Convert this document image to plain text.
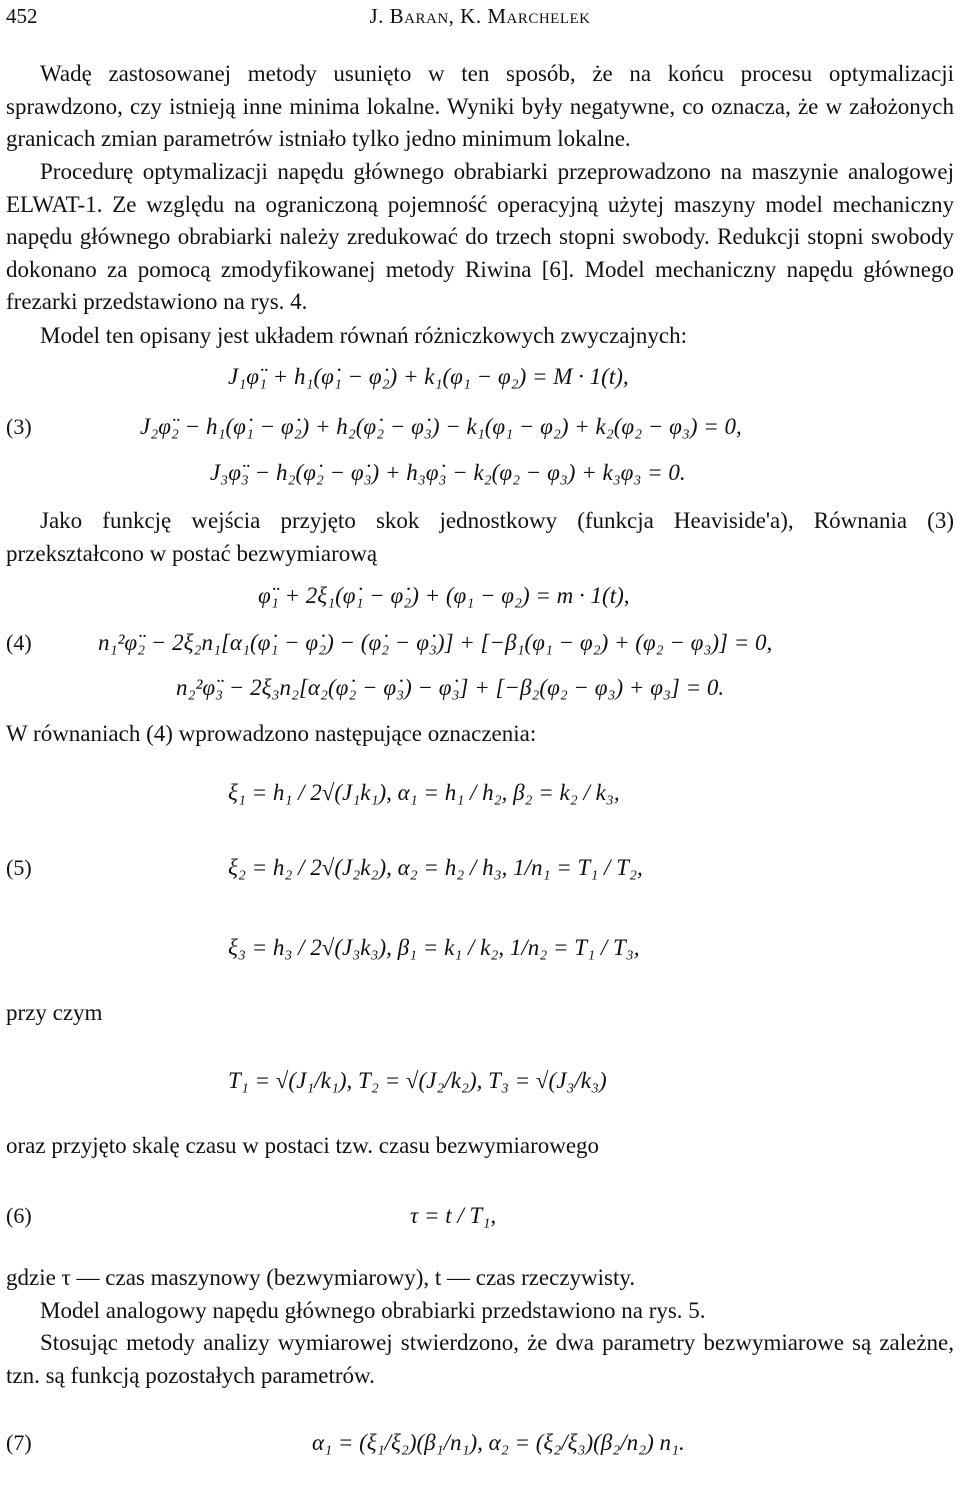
452	J. Baran, K. Marchelek

Wadę zastosowanej metody usunięto w ten sposób, że na końcu procesu optymalizacji sprawdzono, czy istnieją inne minima lokalne. Wyniki były negatywne, co oznacza, że w założonych granicach zmian parametrów istniało tylko jedno minimum lokalne.

Procedurę optymalizacji napędu głównego obrabiarki przeprowadzono na maszynie analogowej ELWAT-1. Ze względu na ograniczoną pojemność operacyjną użytej maszyny model mechaniczny napędu głównego obrabiarki należy zredukować do trzech stopni swobody. Redukcji stopni swobody dokonano za pomocą zmodyfikowanej metody Riwina [6]. Model mechaniczny napędu głównego frezarki przedstawiono na rys. 4.

Model ten opisany jest układem równań różniczkowych zwyczajnych:

(3)
J₁φ̈₁ + h₁(φ̇₁ − φ̇₂) + k₁(φ₁ − φ₂) = M · 1(t),
J₂φ̈₂ − h₁(φ̇₁ − φ̇₂) + h₂(φ̇₂ − φ̇₃) − k₁(φ₁ − φ₂) + k₂(φ₂ − φ₃) = 0,
J₃φ̈₃ − h₂(φ̇₂ − φ̇₃) + h₃φ̇₃ − k₂(φ₂ − φ₃) + k₃φ₃ = 0.

Jako funkcję wejścia przyjęto skok jednostkowy (funkcja Heaviside'a), Równania (3) przekształcono w postać bezwymiarową

(4)
φ̈₁ + 2ξ₁(φ̇₁ − φ̇₂) + (φ₁ − φ₂) = m · 1(t),
n₁²φ̈₂ − 2ξ₂n₁[α₁(φ̇₁ − φ̇₂) − (φ̇₂ − φ̇₃)] + [−β₁(φ₁ − φ₂) + (φ₂ − φ₃)] = 0,
n₂²φ̈₃ − 2ξ₃n₂[α₂(φ̇₂ − φ̇₃) − φ̇₃] + [−β₂(φ₂ − φ₃) + φ₃] = 0.

W równaniach (4) wprowadzono następujące oznaczenia:

(5)
ξ₁ = h₁ / 2√(J₁k₁), α₁ = h₁ / h₂, β₂ = k₂ / k₃,
ξ₂ = h₂ / 2√(J₂k₂), α₂ = h₂ / h₃, 1/n₁ = T₁ / T₂,
ξ₃ = h₃ / 2√(J₃k₃), β₁ = k₁ / k₂, 1/n₂ = T₁ / T₃,
przy czym
T₁ = √(J₁/k₁), T₂ = √(J₂/k₂), T₃ = √(J₃/k₃)

oraz przyjęto skalę czasu w postaci tzw. czasu bezwymiarowego

(6)	τ = t / T₁,

gdzie τ — czas maszynowy (bezwymiarowy), t — czas rzeczywisty.

Model analogowy napędu głównego obrabiarki przedstawiono na rys. 5.

Stosując metody analizy wymiarowej stwierdzono, że dwa parametry bezwymiarowe są zależne, tzn. są funkcją pozostałych parametrów.

(7)	α₁ = (ξ₁/ξ₂)(β₁/n₁), α₂ = (ξ₂/ξ₃)(β₂/n₂) n₁.
